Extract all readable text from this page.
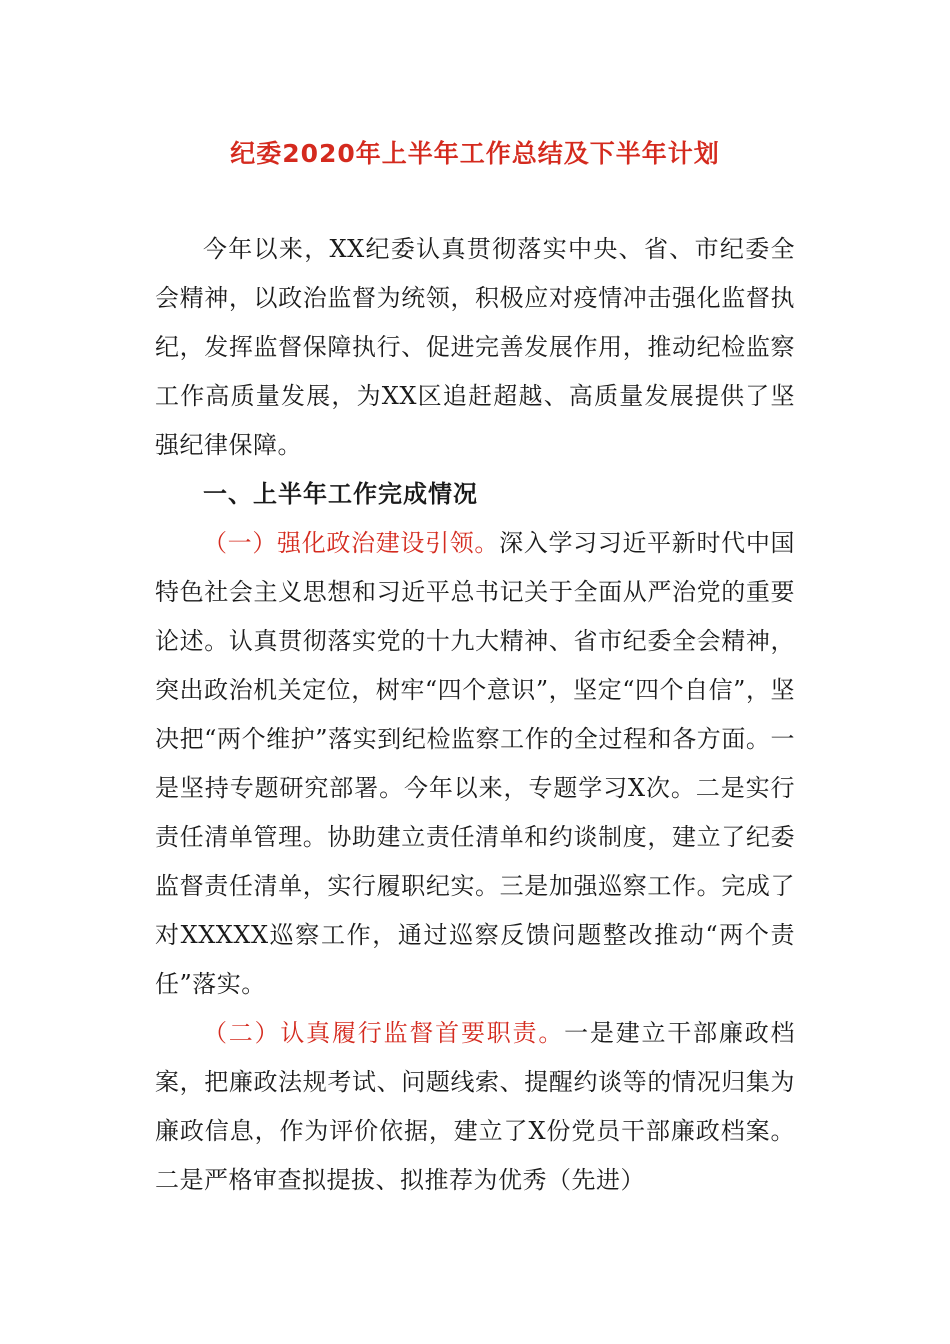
纪委2020年上半年工作总结及下半年计划

今年以来，XX纪委认真贯彻落实中央、省、市纪委全会精神，以政治监督为统领，积极应对疫情冲击强化监督执纪，发挥监督保障执行、促进完善发展作用，推动纪检监察工作高质量发展，为XX区追赶超越、高质量发展提供了坚强纪律保障。

一、上半年工作完成情况

（一）强化政治建设引领。深入学习习近平新时代中国特色社会主义思想和习近平总书记关于全面从严治党的重要论述。认真贯彻落实党的十九大精神、省市纪委全会精神，突出政治机关定位，树牢“四个意识”，坚定“四个自信”，坚决把“两个维护”落实到纪检监察工作的全过程和各方面。一是坚持专题研究部署。今年以来，专题学习X次。二是实行责任清单管理。协助建立责任清单和约谈制度，建立了纪委监督责任清单，实行履职纪实。三是加强巡察工作。完成了对XXXXX巡察工作，通过巡察反馈问题整改推动“两个责任”落实。

（二）认真履行监督首要职责。一是建立干部廉政档案，把廉政法规考试、问题线索、提醒约谈等的情况归集为廉政信息，作为评价依据，建立了X份党员干部廉政档案。二是严格审查拟提拔、拟推荐为优秀（先进）
